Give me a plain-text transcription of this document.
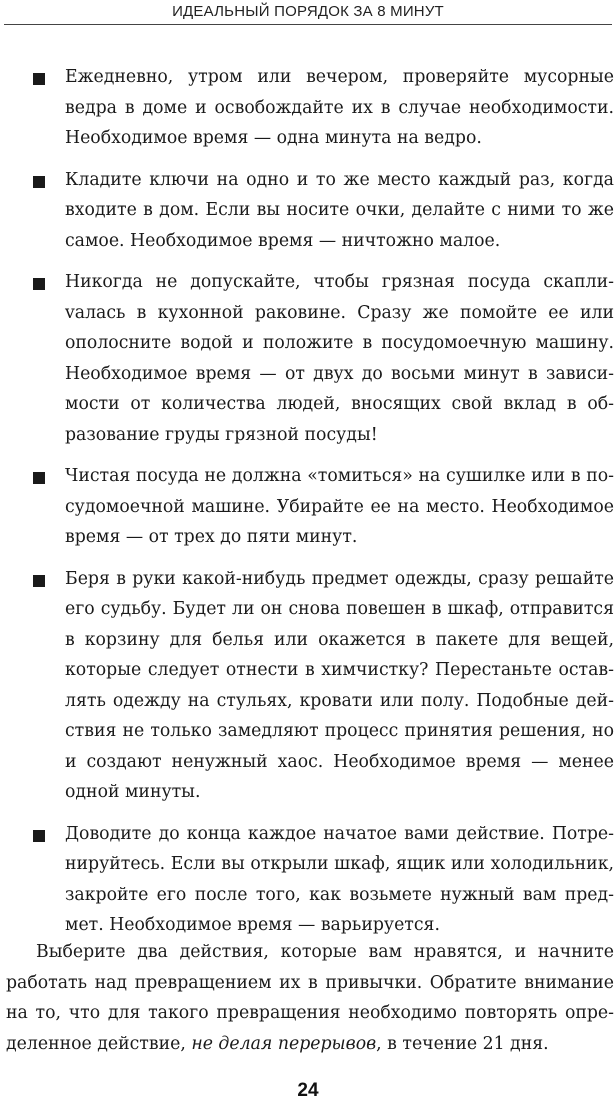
ИДЕАЛЬНЫЙ ПОРЯДОК ЗА 8 МИНУТ
Ежедневно, утром или вечером, проверяйте мусорные ведра в доме и освобождайте их в случае необходимости. Необходимое время — одна минута на ведро.
Кладите ключи на одно и то же место каждый раз, когда входите в дом. Если вы носите очки, делайте с ними то же самое. Необходимое время — ничтожно малое.
Никогда не допускайте, чтобы грязная посуда скаплиvалась в кухонной раковине. Сразу же помойте ее или ополосните водой и положите в посудомоечную машину. Необходимое время — от двух до восьми минут в зависимости от количества людей, вносящих свой вклад в образование груды грязной посуды!
Чистая посуда не должна «томиться» на сушилке или в посудомоечной машине. Убирайте ее на место. Необходимое время — от трех до пяти минут.
Беря в руки какой-нибудь предмет одежды, сразу решайте его судьбу. Будет ли он снова повешен в шкаф, отправится в корзину для белья или окажется в пакете для вещей, которые следует отнести в химчистку? Перестаньте оставлять одежду на стульях, кровати или полу. Подобные действия не только замедляют процесс принятия решения, но и создают ненужный хаос. Необходимое время — менее одной минуты.
Доводите до конца каждое начатое вами действие. Потренируйтесь. Если вы открыли шкаф, ящик или холодильник, закройте его после того, как возьмете нужный вам предмет. Необходимое время — варьируется.

Выберите два действия, которые вам нравятся, и начните работать над превращением их в привычки. Обратите внимание на то, что для такого превращения необходимо повторять определенное действие, не делая перерывов, в течение 21 дня.

24
